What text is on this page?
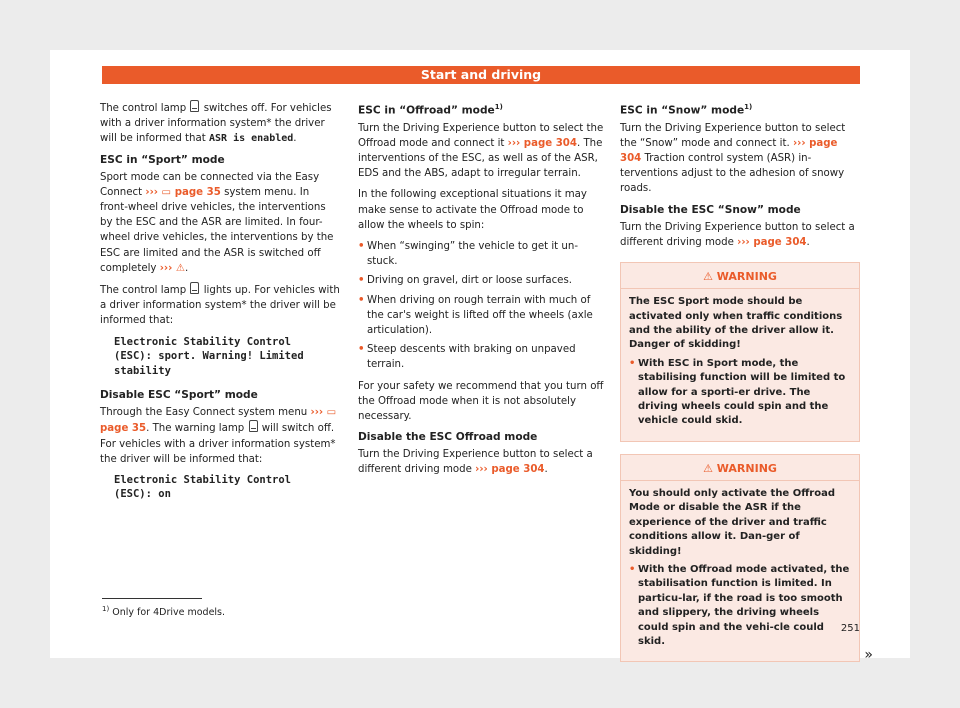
Start and driving

The control lamp switches off. For vehicles with a driver information system* the driver will be informed that ASR is enabled.

ESC in “Sport” mode

Sport mode can be connected via the Easy Connect ››› ▭ page 35 system menu. In front-wheel drive vehicles, the interventions by the ESC and the ASR are limited. In four-wheel drive vehicles, the interventions by the ESC are limited and the ASR is switched off completely ››› ⚠.

The control lamp lights up. For vehicles with a driver information system* the driver will be informed that:

Electronic Stability Control
(ESC): sport. Warning! Limited
stability
Disable ESC “Sport” mode

Through the Easy Connect system menu ››› ▭ page 35. The warning lamp will switch off. For vehicles with a driver information system* the driver will be informed that:

Electronic Stability Control
(ESC): on
ESC in “Offroad” mode$^{1)}$

Turn the Driving Experience button to select the Offroad mode and connect it ››› page 304. The interventions of the ESC, as well as of the ASR, EDS and the ABS, adapt to irregular terrain.

In the following exceptional situations it may make sense to activate the Offroad mode to allow the wheels to spin:

• When “swinging” the vehicle to get it un-stuck.
• Driving on gravel, dirt or loose surfaces.
• When driving on rough terrain with much of the car's weight is lifted off the wheels (axle articulation).
• Steep descents with braking on unpaved terrain.

For your safety we recommend that you turn off the Offroad mode when it is not absolutely necessary.

Disable the ESC Offroad mode

Turn the Driving Experience button to select a different driving mode ››› page 304.

ESC in “Snow” mode$^{1)}$

Turn the Driving Experience button to select the “Snow” mode and connect it. ››› page 304 Traction control system (ASR) in-terventions adjust to the adhesion of snowy roads.

Disable the ESC “Snow” mode

Turn the Driving Experience button to select a different driving mode ››› page 304.

⚠ WARNING

The ESC Sport mode should be activated only when traffic conditions and the ability of the driver allow it. Danger of skidding!

• With ESC in Sport mode, the stabilising function will be limited to allow for a sporti-er drive. The driving wheels could spin and the vehicle could skid.
⚠ WARNING

You should only activate the Offroad Mode or disable the ASR if the experience of the driver and traffic conditions allow it. Dan-ger of skidding!

• With the Offroad mode activated, the stabilisation function is limited. In particu-lar, if the road is too smooth and slippery, the driving wheels could spin and the vehi-cle could skid.
»
$^{1)}$ Only for 4Drive models.
251
